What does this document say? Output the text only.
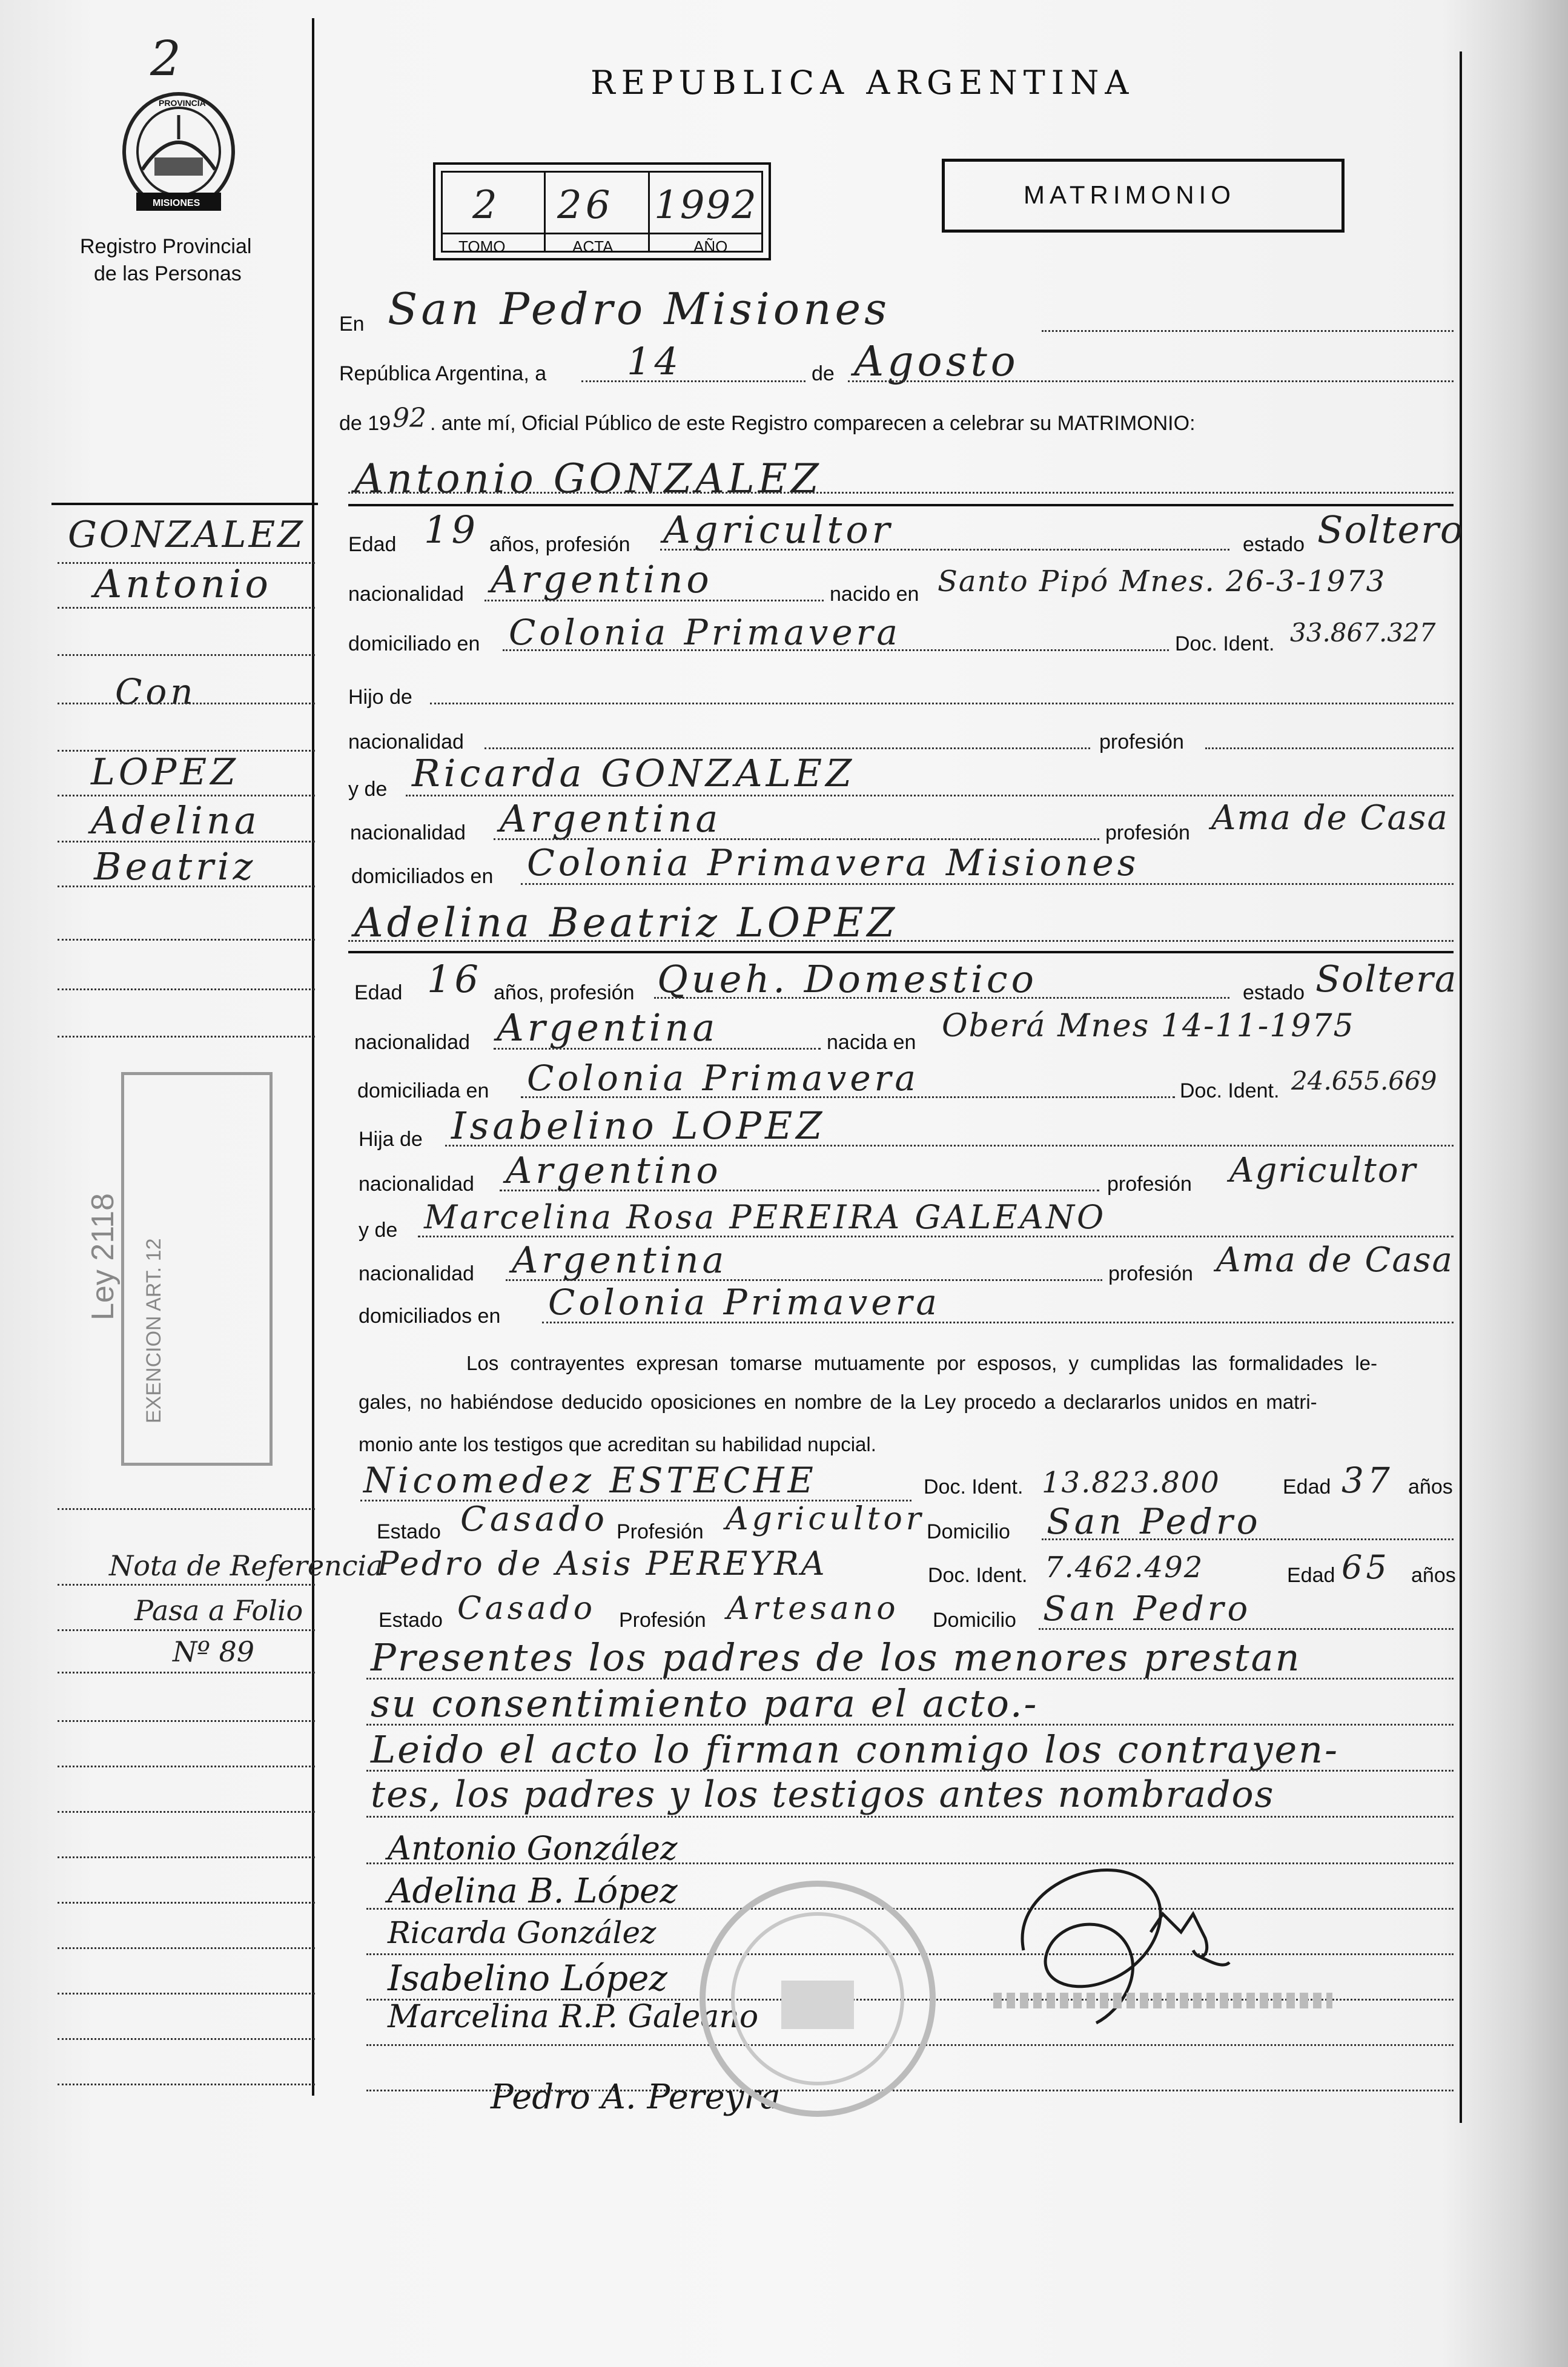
2
PROVINCIA
MISIONES
Registro Provincial
de las Personas
REPUBLICA ARGENTINA
MATRIMONIO
2 26 1992
TOMO	ACTA	AÑO
En San Pedro Misiones
República Argentina, a 14	de Agosto
de 19 92 . ante mí, Oficial Público de este Registro comparecen a celebrar su MATRIMONIO:
Antonio GONZALEZ
GONZALEZ
Antonio
Con
LOPEZ
Adelina
Beatriz
Nota de Referencia
Pasa a Folio
Nº 89
Ley 2118 EXENCION ART. 12
Edad 19 años, profesión Agricultor	estado Soltero
nacionalidad Argentino	nacido en Santo Pipó Mnes. 26-3-1973
domiciliado en Colonia Primavera	Doc. Ident. 33.867.327
Hijo de
nacionalidad	profesión
y de Ricarda GONZALEZ
nacionalidad Argentina	profesión Ama de Casa
domiciliados en Colonia Primavera Misiones
Adelina Beatriz LOPEZ
Edad 16 años, profesión Queh. Domestico	estado Soltera
nacionalidad Argentina	nacida en Oberá Mnes 14-11-1975
domiciliada en Colonia Primavera	Doc. Ident. 24.655.669
Hija de Isabelino LOPEZ
nacionalidad Argentino	profesión Agricultor
y de Marcelina Rosa PEREIRA GALEANO
nacionalidad Argentina	profesión Ama de Casa
domiciliados en Colonia Primavera
Los contrayentes expresan tomarse mutuamente por esposos, y cumplidas las formalidades le-
gales, no habiéndose deducido oposiciones en nombre de la Ley procedo a declararlos unidos en matri-
monio ante los testigos que acreditan su habilidad nupcial.
Nicomedez ESTECHE	Doc. Ident. 13.823.800	Edad 37 años
Estado Casado Profesión Agricultor Domicilio San Pedro
Pedro de Asis PEREYRA	Doc. Ident. 7.462.492	Edad 65 años
Estado Casado Profesión Artesano Domicilio San Pedro
Presentes los padres de los menores prestan
su consentimiento para el acto.-
Leido el acto lo firman conmigo los contrayen-
tes, los padres y los testigos antes nombrados
Antonio González
Adelina B. López
Ricarda González
Isabelino López
Marcelina R.P. Galeano
Pedro A. Pereyra
